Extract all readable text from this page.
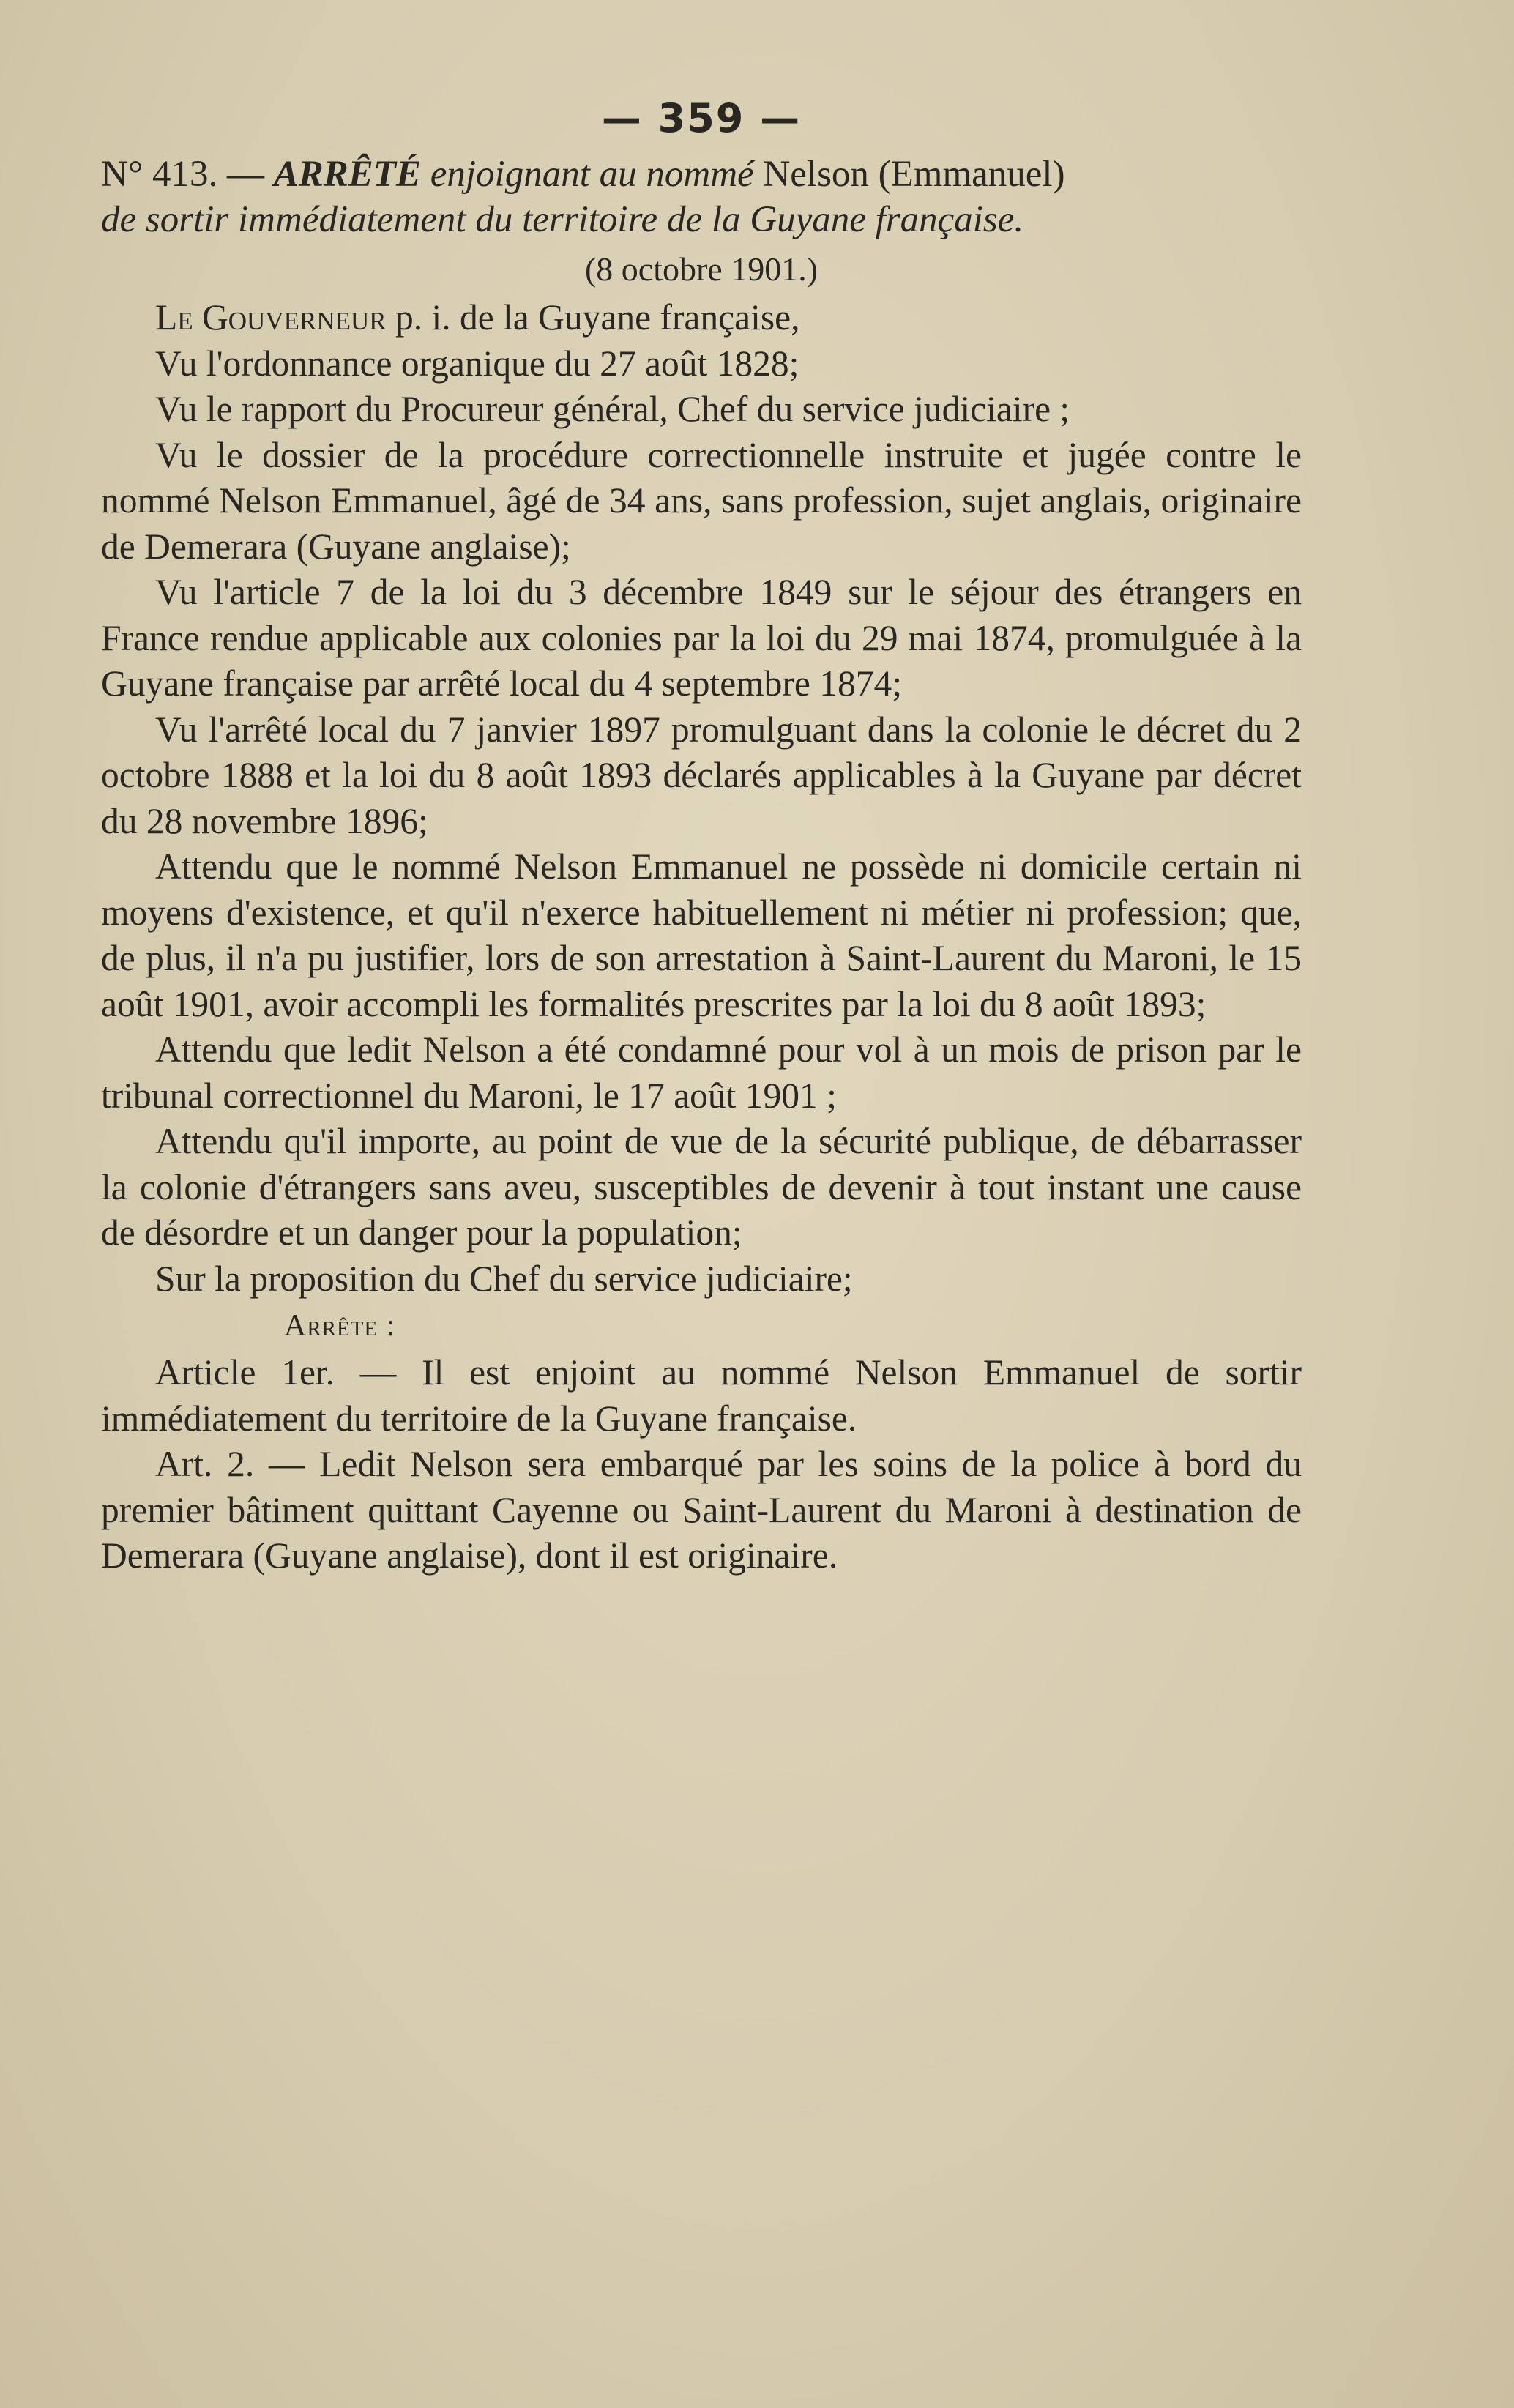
— 359 —
N° 413. — ARRÊTÉ enjoignant au nommé Nelson (Emmanuel)
de sortir immédiatement du territoire de la Guyane française.
(8 octobre 1901.)

Le Gouverneur p. i. de la Guyane française,

Vu l'ordonnance organique du 27 août 1828;

Vu le rapport du Procureur général, Chef du service judiciaire ;

Vu le dossier de la procédure correctionnelle instruite et jugée contre le nommé Nelson Emmanuel, âgé de 34 ans, sans profession, sujet anglais, originaire de Demerara (Guyane anglaise);

Vu l'article 7 de la loi du 3 décembre 1849 sur le séjour des étrangers en France rendue applicable aux colonies par la loi du 29 mai 1874, promulguée à la Guyane française par arrêté local du 4 septembre 1874;

Vu l'arrêté local du 7 janvier 1897 promulguant dans la colonie le décret du 2 octobre 1888 et la loi du 8 août 1893 déclarés applicables à la Guyane par décret du 28 novembre 1896;

Attendu que le nommé Nelson Emmanuel ne possède ni domicile certain ni moyens d'existence, et qu'il n'exerce habituellement ni métier ni profession; que, de plus, il n'a pu justifier, lors de son arrestation à Saint-Laurent du Maroni, le 15 août 1901, avoir accompli les formalités prescrites par la loi du 8 août 1893;

Attendu que ledit Nelson a été condamné pour vol à un mois de prison par le tribunal correctionnel du Maroni, le 17 août 1901 ;

Attendu qu'il importe, au point de vue de la sécurité publique, de débarrasser la colonie d'étrangers sans aveu, susceptibles de devenir à tout instant une cause de désordre et un danger pour la population;

Sur la proposition du Chef du service judiciaire;

Arrête :

Article 1er. — Il est enjoint au nommé Nelson Emmanuel de sortir immédiatement du territoire de la Guyane française.

Art. 2. — Ledit Nelson sera embarqué par les soins de la police à bord du premier bâtiment quittant Cayenne ou Saint-Laurent du Maroni à destination de Demerara (Guyane anglaise), dont il est originaire.
